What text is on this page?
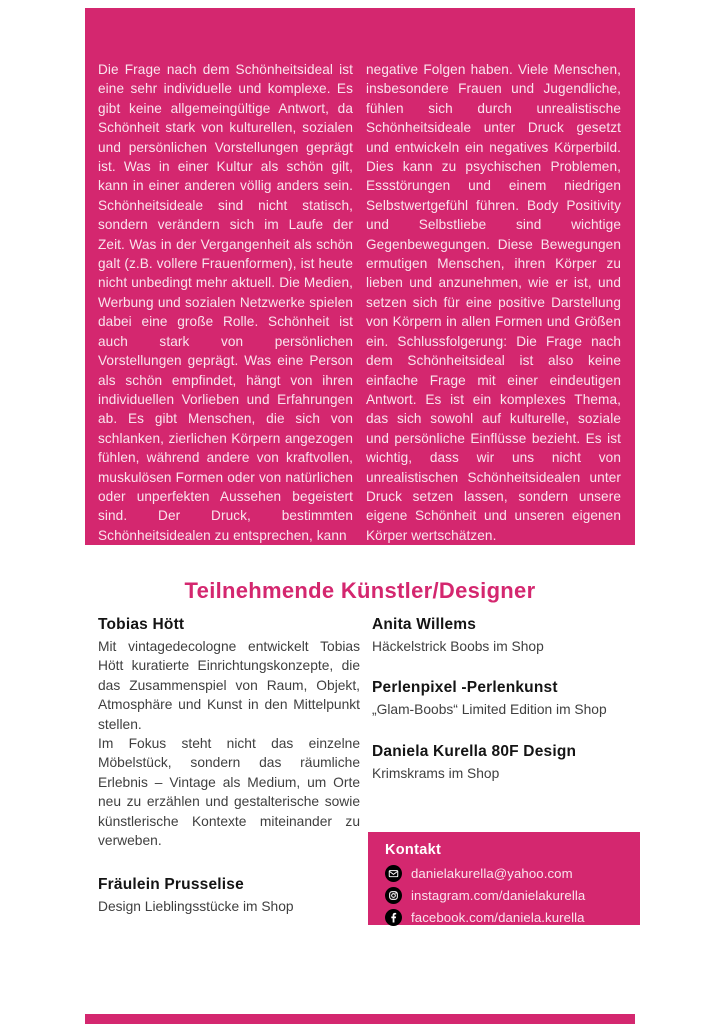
Die Frage nach dem Schönheitsideal ist eine sehr individuelle und komplexe. Es gibt keine allgemeingültige Antwort, da Schönheit stark von kulturellen, sozialen und persönlichen Vorstellungen geprägt ist. Was in einer Kultur als schön gilt, kann in einer anderen völlig anders sein. Schönheitsideale sind nicht statisch, sondern verändern sich im Laufe der Zeit. Was in der Vergangenheit als schön galt (z.B. vollere Frauenformen), ist heute nicht unbedingt mehr aktuell. Die Medien, Werbung und sozialen Netzwerke spielen dabei eine große Rolle. Schönheit ist auch stark von persönlichen Vorstellungen geprägt. Was eine Person als schön empfindet, hängt von ihren individuellen Vorlieben und Erfahrungen ab. Es gibt Menschen, die sich von schlanken, zierlichen Körpern angezogen fühlen, während andere von kraftvollen, muskulösen Formen oder von natürlichen oder unperfekten Aussehen begeistert sind. Der Druck, bestimmten Schönheitsidealen zu entsprechen, kann

negative Folgen haben. Viele Menschen, insbesondere Frauen und Jugendliche, fühlen sich durch unrealistische Schönheitsideale unter Druck gesetzt und entwickeln ein negatives Körperbild. Dies kann zu psychischen Problemen, Essstörungen und einem niedrigen Selbstwertgefühl führen. Body Positivity und Selbstliebe sind wichtige Gegenbewegungen. Diese Bewegungen ermutigen Menschen, ihren Körper zu lieben und anzunehmen, wie er ist, und setzen sich für eine positive Darstellung von Körpern in allen Formen und Größen ein. Schlussfolgerung: Die Frage nach dem Schönheitsideal ist also keine einfache Frage mit einer eindeutigen Antwort. Es ist ein komplexes Thema, das sich sowohl auf kulturelle, soziale und persönliche Einflüsse bezieht. Es ist wichtig, dass wir uns nicht von unrealistischen Schönheitsidealen unter Druck setzen lassen, sondern unsere eigene Schönheit und unseren eigenen Körper wertschätzen.

Teilnehmende Künstler/Designer
Tobias Hött

Mit vintagedecologne entwickelt Tobias Hött kuratierte Einrichtungskonzepte, die das Zusammenspiel von Raum, Objekt, Atmosphäre und Kunst in den Mittelpunkt stellen.

Im Fokus steht nicht das einzelne Möbelstück, sondern das räumliche Erlebnis – Vintage als Medium, um Orte neu zu erzählen und gestalterische sowie künstlerische Kontexte miteinander zu verweben.

Fräulein Prusselise

Design Lieblingsstücke im Shop

Anita Willems

Häckelstrick Boobs im Shop

Perlenpixel -Perlenkunst

„Glam-Boobs“ Limited Edition im Shop

Daniela Kurella 80F Design

Krimskrams im Shop

Kontakt
danielakurella@yahoo.com
instagram.com/danielakurella
facebook.com/daniela.kurella
